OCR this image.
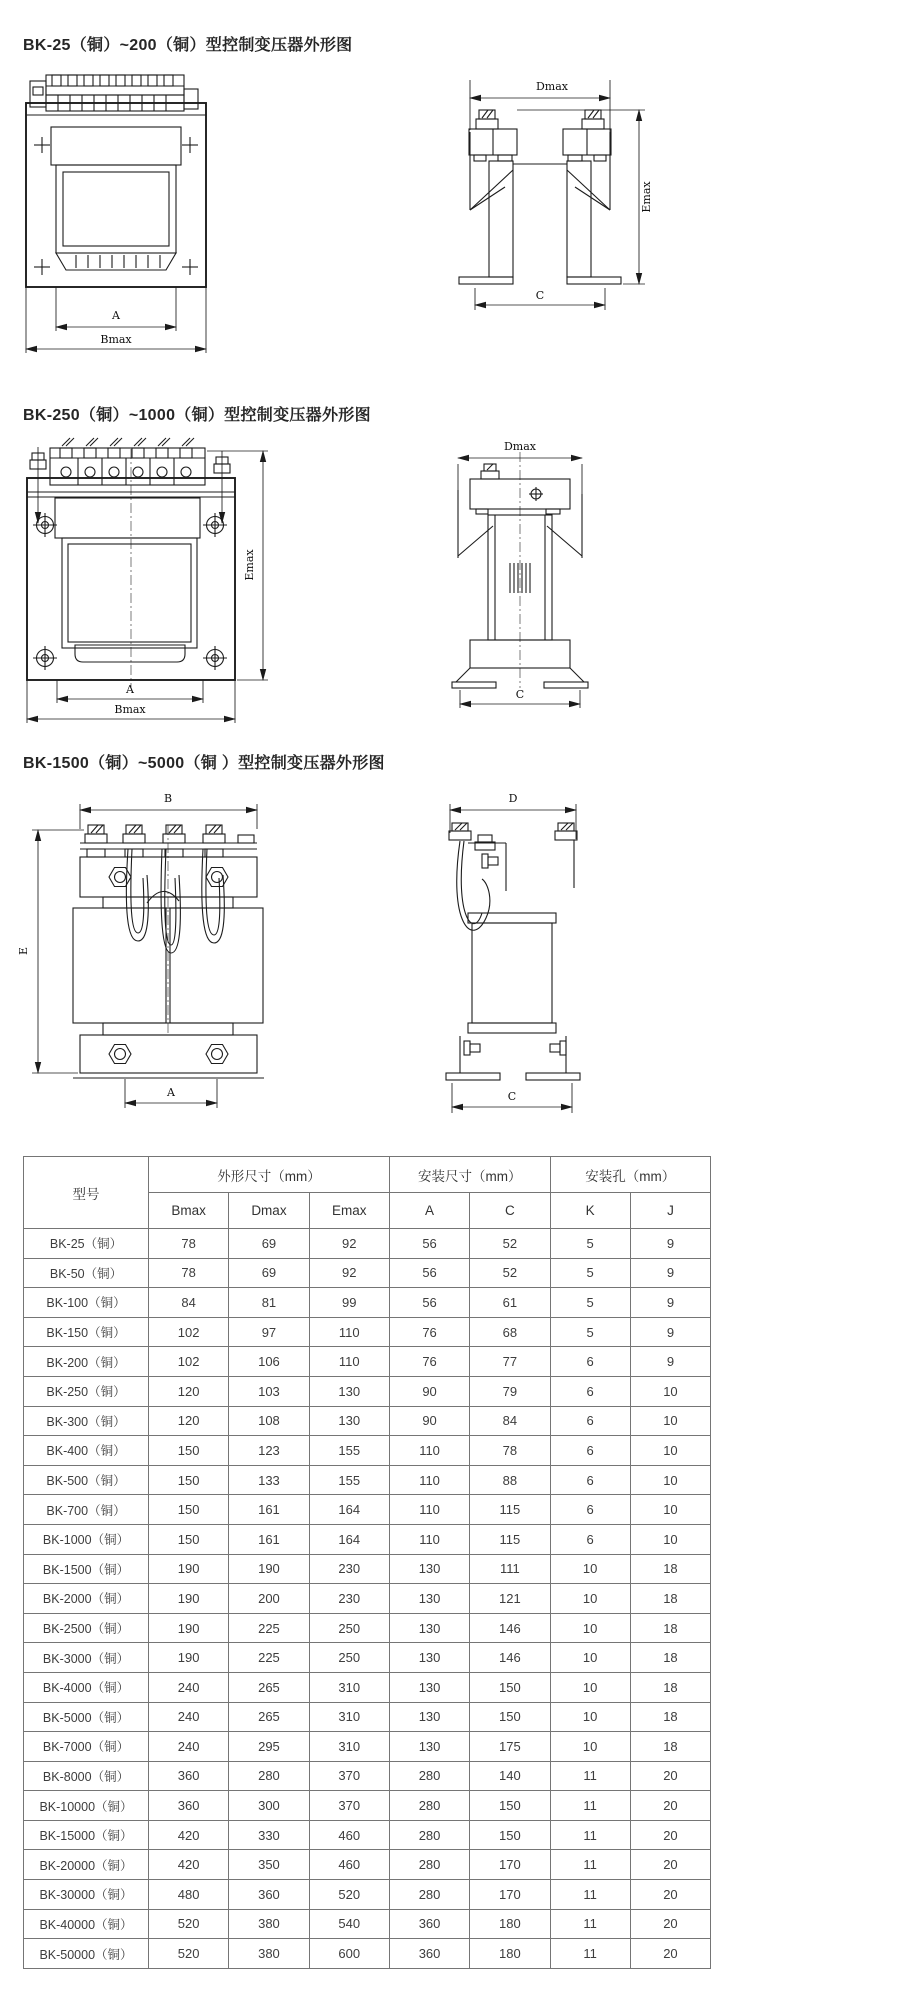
BK-25（铜）~200（铜）型控制变压器外形图
A
Bmax
Dmax
C
Emax
BK-250（铜）~1000（铜）型控制变压器外形图
Emax
A
Bmax
Dmax
C
BK-1500（铜）~5000（铜 ）型控制变压器外形图
B
E
A
D
C
型号	外形尺寸（mm）			安装尺寸（mm）		安装孔（mm）	
	Bmax	Dmax	Emax	A	C	K	J
BK-25（铜）	78	69	92	56	52	5	9
BK-50（铜）	78	69	92	56	52	5	9
BK-100（铜）	84	81	99	56	61	5	9
BK-150（铜）	102	97	110	76	68	5	9
BK-200（铜）	102	106	110	76	77	6	9
BK-250（铜）	120	103	130	90	79	6	10
BK-300（铜）	120	108	130	90	84	6	10
BK-400（铜）	150	123	155	110	78	6	10
BK-500（铜）	150	133	155	110	88	6	10
BK-700（铜）	150	161	164	110	115	6	10
BK-1000（铜）	150	161	164	110	115	6	10
BK-1500（铜）	190	190	230	130	111	10	18
BK-2000（铜）	190	200	230	130	121	10	18
BK-2500（铜）	190	225	250	130	146	10	18
BK-3000（铜）	190	225	250	130	146	10	18
BK-4000（铜）	240	265	310	130	150	10	18
BK-5000（铜）	240	265	310	130	150	10	18
BK-7000（铜）	240	295	310	130	175	10	18
BK-8000（铜）	360	280	370	280	140	11	20
BK-10000（铜）	360	300	370	280	150	11	20
BK-15000（铜）	420	330	460	280	150	11	20
BK-20000（铜）	420	350	460	280	170	11	20
BK-30000（铜）	480	360	520	280	170	11	20
BK-40000（铜）	520	380	540	360	180	11	20
BK-50000（铜）	520	380	600	360	180	11	20
